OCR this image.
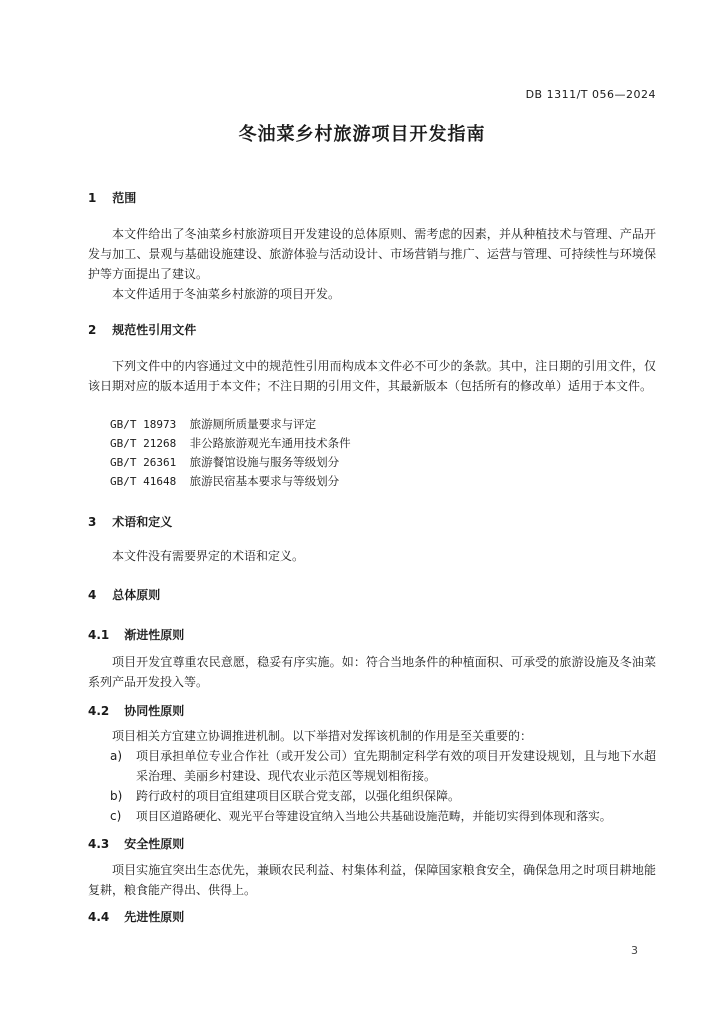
DB 1311/T 056—2024
冬油菜乡村旅游项目开发指南
1 范围
本文件给出了冬油菜乡村旅游项目开发建设的总体原则、需考虑的因素，并从种植技术与管理、产品开发与加工、景观与基础设施建设、旅游体验与活动设计、市场营销与推广、运营与管理、可持续性与环境保护等方面提出了建议。
本文件适用于冬油菜乡村旅游的项目开发。
2 规范性引用文件
下列文件中的内容通过文中的规范性引用而构成本文件必不可少的条款。其中，注日期的引用文件，仅该日期对应的版本适用于本文件；不注日期的引用文件，其最新版本（包括所有的修改单）适用于本文件。
GB/T 18973 旅游厕所质量要求与评定
GB/T 21268 非公路旅游观光车通用技术条件
GB/T 26361 旅游餐馆设施与服务等级划分
GB/T 41648 旅游民宿基本要求与等级划分
3 术语和定义
本文件没有需要界定的术语和定义。
4 总体原则
4.1 渐进性原则
项目开发宜尊重农民意愿，稳妥有序实施。如：符合当地条件的种植面积、可承受的旅游设施及冬油菜系列产品开发投入等。
4.2 协同性原则
项目相关方宜建立协调推进机制。以下举措对发挥该机制的作用是至关重要的：
a)	项目承担单位专业合作社（或开发公司）宜先期制定科学有效的项目开发建设规划，且与地下水超采治理、美丽乡村建设、现代农业示范区等规划相衔接。
b)	跨行政村的项目宜组建项目区联合党支部，以强化组织保障。
c)	项目区道路硬化、观光平台等建设宜纳入当地公共基础设施范畴，并能切实得到体现和落实。
4.3 安全性原则
项目实施宜突出生态优先，兼顾农民利益、村集体利益，保障国家粮食安全，确保急用之时项目耕地能复耕，粮食能产得出、供得上。
4.4 先进性原则
3
